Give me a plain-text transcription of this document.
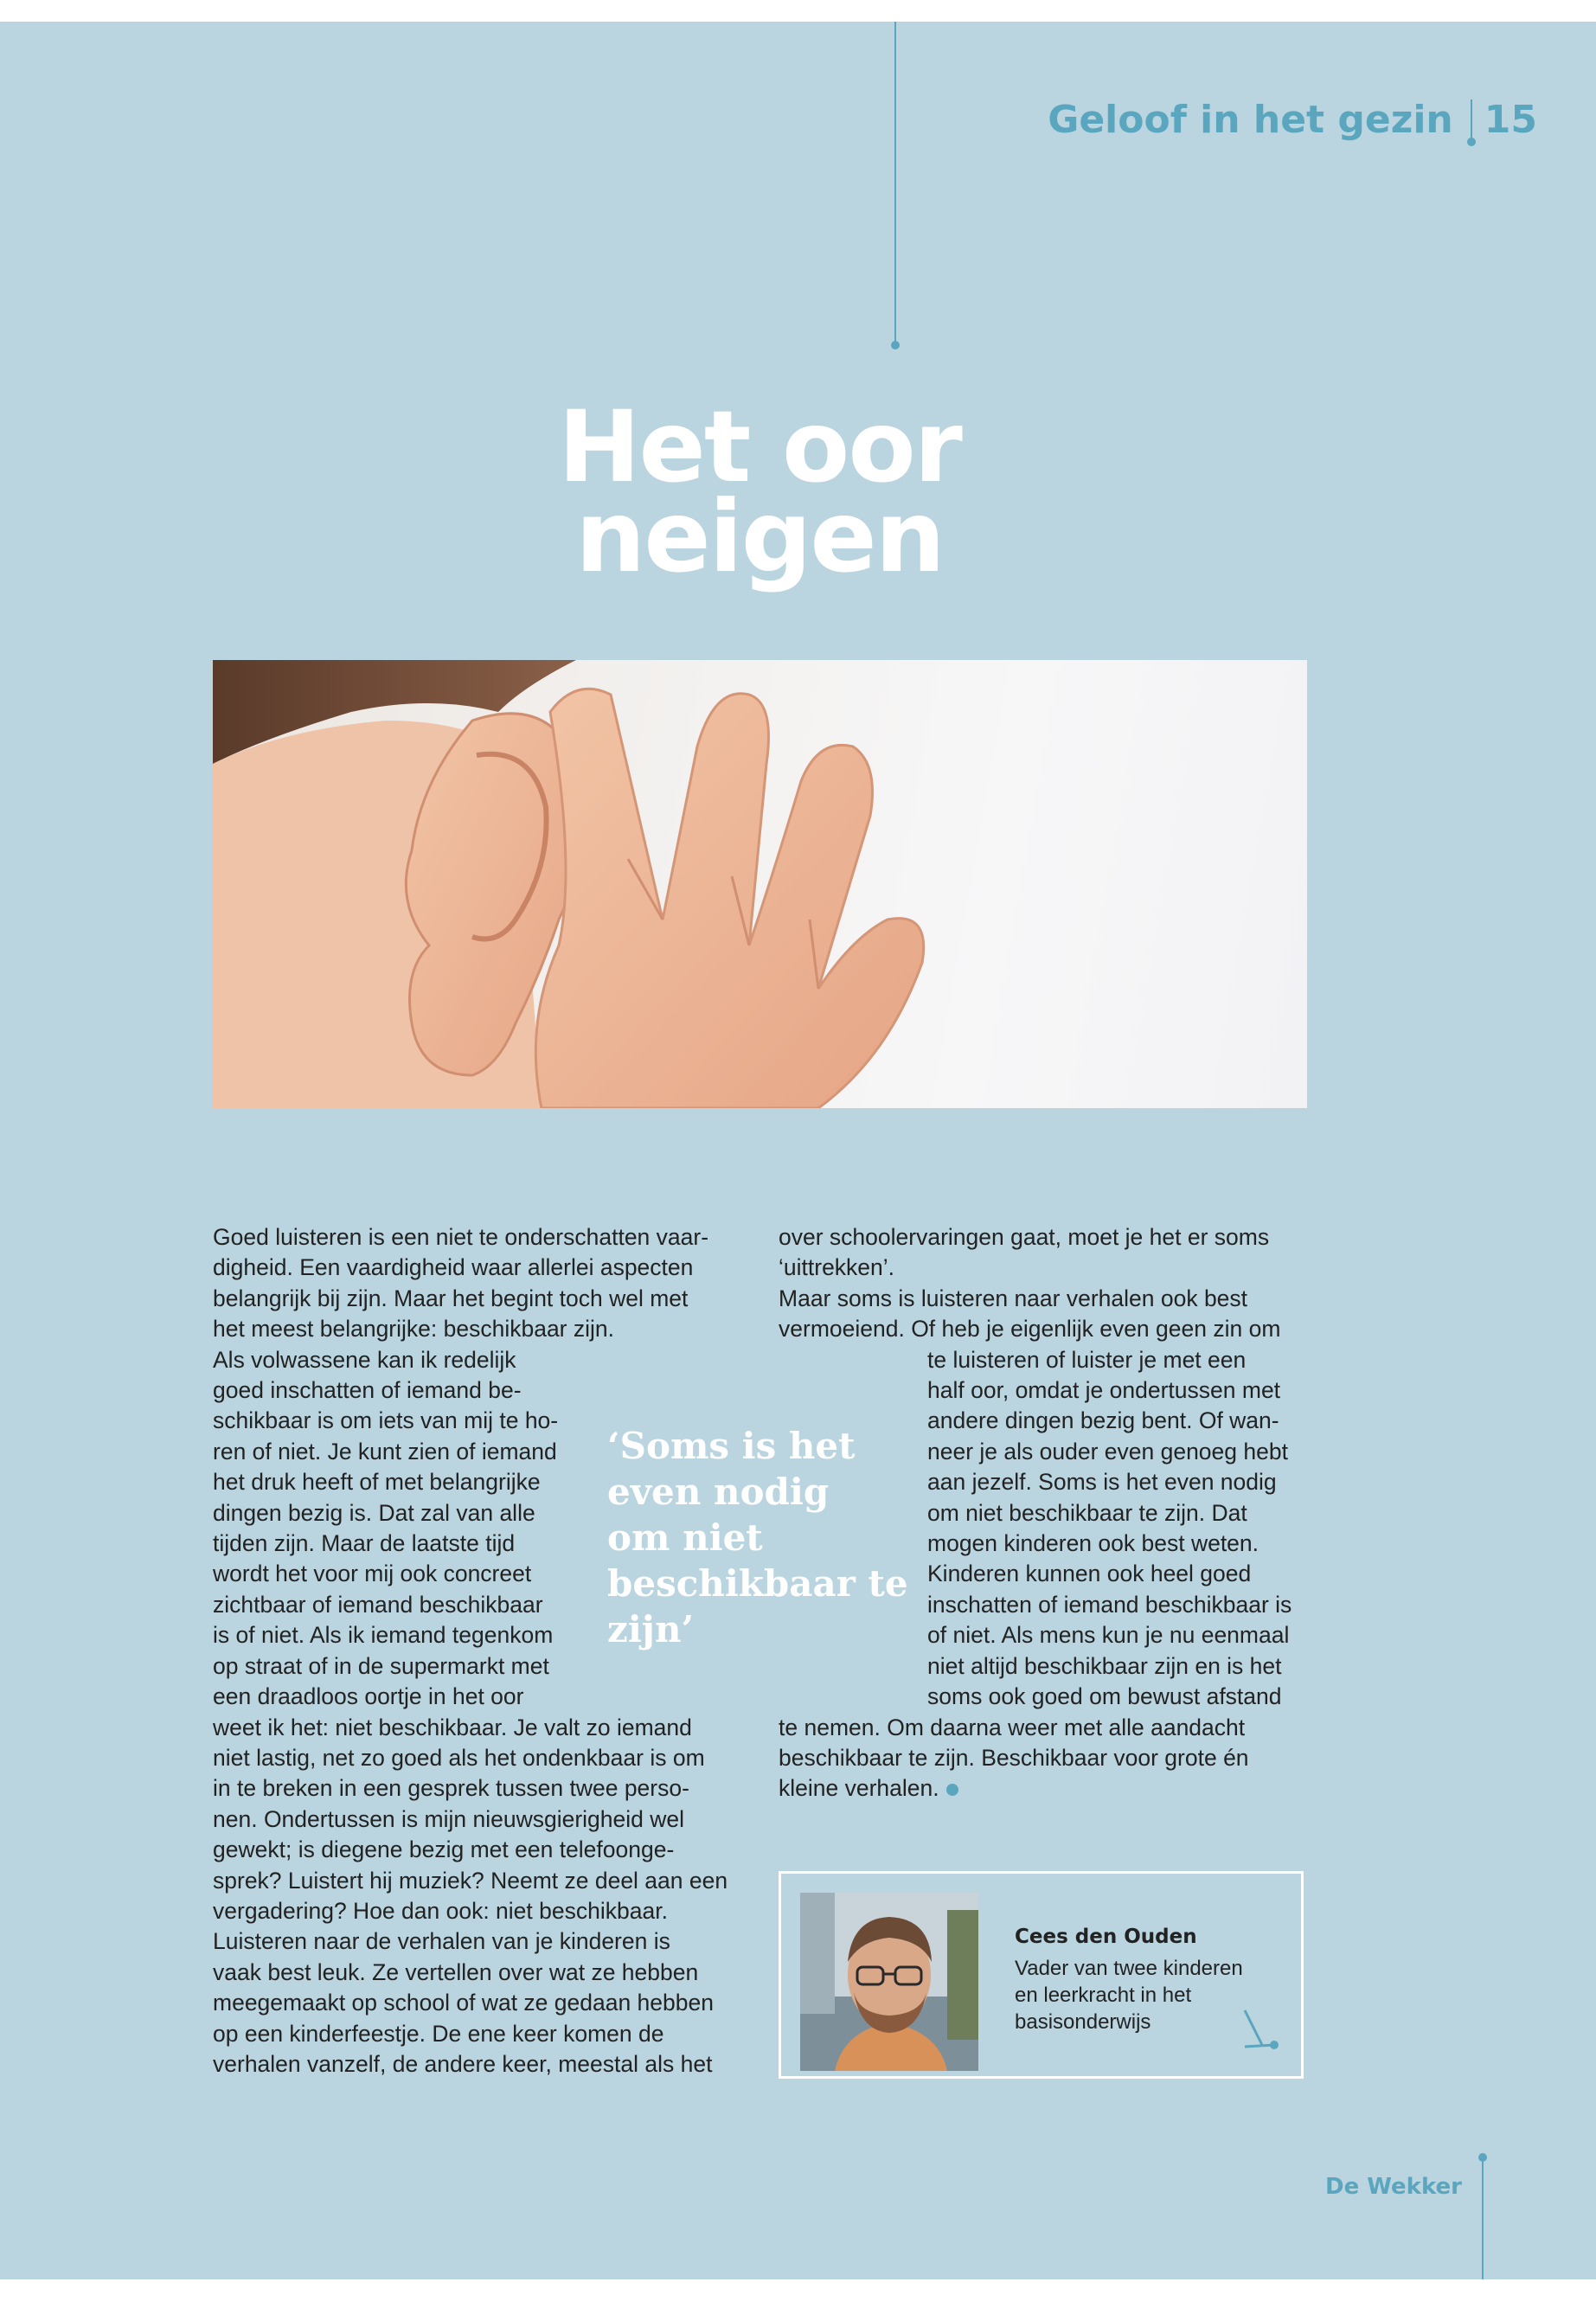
Geloof in het gezin 15
Het oor
neigen

Goed luisteren is een niet te onderschatten vaar-

digheid. Een vaardigheid waar allerlei aspecten

belangrijk bij zijn. Maar het begint toch wel met

het meest belangrijke: beschikbaar zijn.

Als volwassene kan ik redelijk

goed inschatten of iemand be-

schikbaar is om iets van mij te ho-

ren of niet. Je kunt zien of iemand

het druk heeft of met belangrijke

dingen bezig is. Dat zal van alle

tijden zijn. Maar de laatste tijd

wordt het voor mij ook concreet

zichtbaar of iemand beschikbaar

is of niet. Als ik iemand tegenkom

op straat of in de supermarkt met

een draadloos oortje in het oor

weet ik het: niet beschikbaar. Je valt zo iemand

niet lastig, net zo goed als het ondenkbaar is om

in te breken in een gesprek tussen twee perso-

nen. Ondertussen is mijn nieuwsgierigheid wel

gewekt; is diegene bezig met een telefoonge-

sprek? Luistert hij muziek? Neemt ze deel aan een

vergadering? Hoe dan ook: niet beschikbaar.

Luisteren naar de verhalen van je kinderen is

vaak best leuk. Ze vertellen over wat ze hebben

meegemaakt op school of wat ze gedaan hebben

op een kinderfeestje. De ene keer komen de

verhalen vanzelf, de andere keer, meestal als het

‘Soms is het

even nodig

om niet

beschikbaar te

zijn’

over schoolervaringen gaat, moet je het er soms

‘uittrekken’.

Maar soms is luisteren naar verhalen ook best

vermoeiend. Of heb je eigenlijk even geen zin om

te luisteren of luister je met een

half oor, omdat je ondertussen met

andere dingen bezig bent. Of wan-

neer je als ouder even genoeg hebt

aan jezelf. Soms is het even nodig

om niet beschikbaar te zijn. Dat

mogen kinderen ook best weten.

Kinderen kunnen ook heel goed

inschatten of iemand beschikbaar is

of niet. Als mens kun je nu eenmaal

niet altijd beschikbaar zijn en is het

soms ook goed om bewust afstand

te nemen. Om daarna weer met alle aandacht

beschikbaar te zijn. Beschikbaar voor grote én

kleine verhalen.

Cees den Ouden

Vader van twee kinderen

en leerkracht in het

basisonderwijs

De Wekker
